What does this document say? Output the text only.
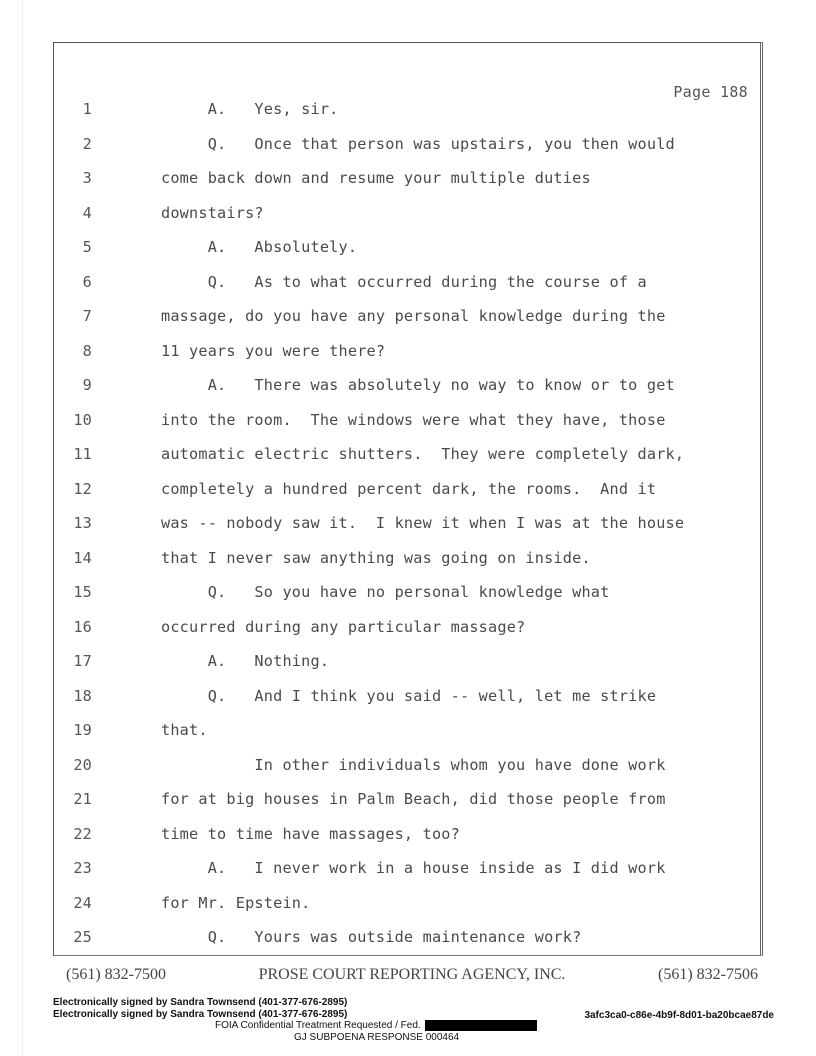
Page 188
1	A.   Yes, sir.
2	Q.   Once that person was upstairs, you then would
3	come back down and resume your multiple duties
4	downstairs?
5	A.   Absolutely.
6	Q.   As to what occurred during the course of a
7	massage, do you have any personal knowledge during the
8	11 years you were there?
9	A.   There was absolutely no way to know or to get
10	into the room.  The windows were what they have, those
11	automatic electric shutters.  They were completely dark,
12	completely a hundred percent dark, the rooms.  And it
13	was -- nobody saw it.  I knew it when I was at the house
14	that I never saw anything was going on inside.
15	Q.   So you have no personal knowledge what
16	occurred during any particular massage?
17	A.   Nothing.
18	Q.   And I think you said -- well, let me strike
19	that.
20	In other individuals whom you have done work
21	for at big houses in Palm Beach, did those people from
22	time to time have massages, too?
23	A.   I never work in a house inside as I did work
24	for Mr. Epstein.
25	Q.   Yours was outside maintenance work?
(561) 832-7500	PROSE COURT REPORTING AGENCY, INC.	(561) 832-7506
Electronically signed by Sandra Townsend (401-377-676-2895)
Electronically signed by Sandra Townsend (401-377-676-2895)	3afc3ca0-c86e-4b9f-8d01-ba20bcae87de
FOIA Confidential Treatment Requested / Fed.
GJ SUBPOENA RESPONSE 000464
